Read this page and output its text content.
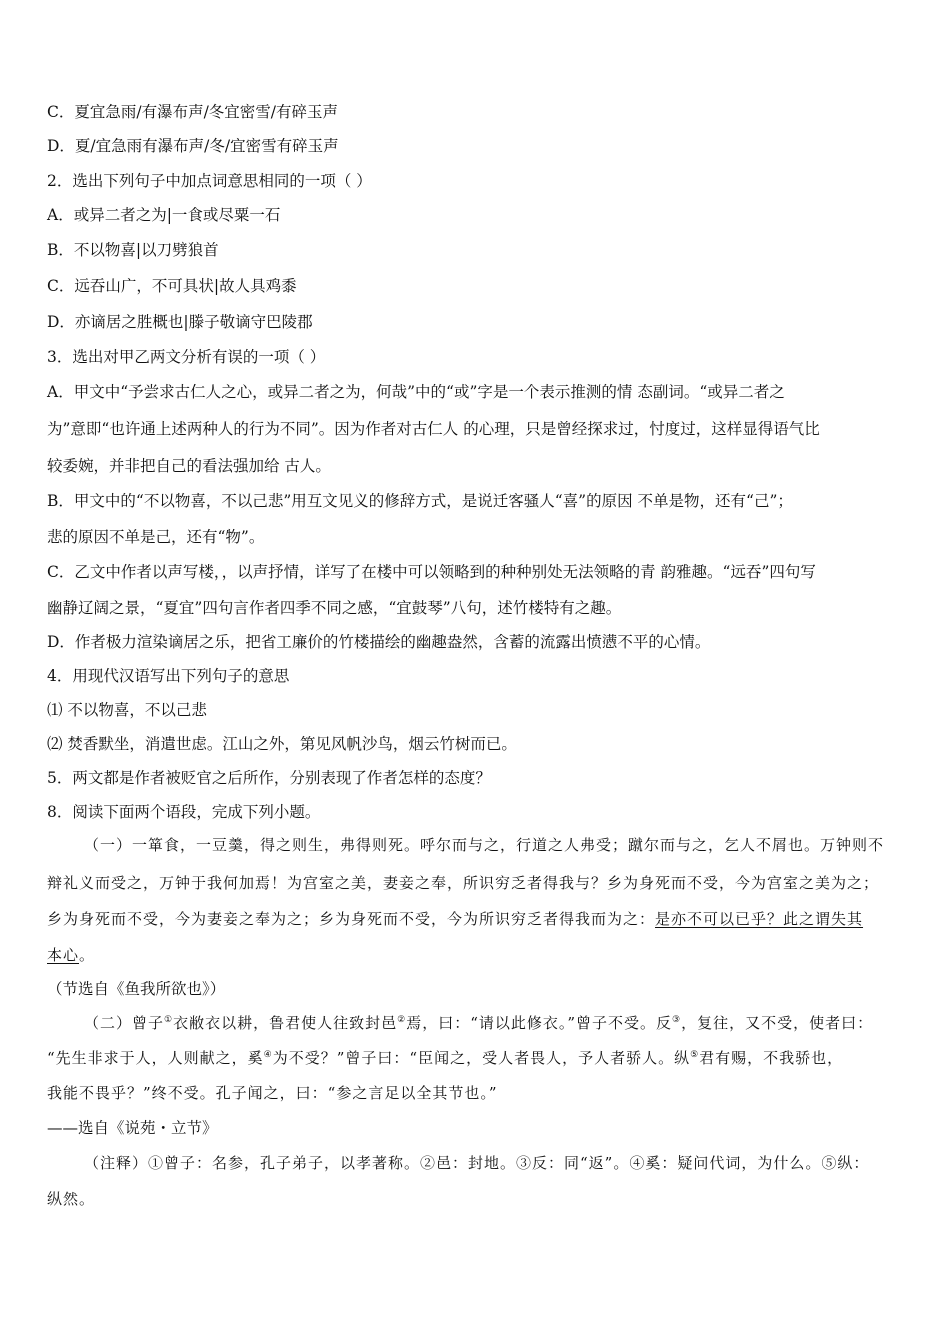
C．夏宜急雨/有瀑布声/冬宜密雪/有碎玉声
D．夏/宜急雨有瀑布声/冬/宜密雪有碎玉声
2．选出下列句子中加点词意思相同的一项（ ）
A．或异二者之为|一食或尽粟一石
B．不以物喜|以刀劈狼首
C．远吞山广，不可具状|故人具鸡黍
D．亦谪居之胜概也|滕子敬谪守巴陵郡
3．选出对甲乙两文分析有误的一项（ ）
A．甲文中“予尝求古仁人之心，或异二者之为，何哉”中的“或”字是一个表示推测的情 态副词。“或异二者之
为”意即“也许通上述两种人的行为不同”。因为作者对古仁人 的心理，只是曾经探求过，忖度过，这样显得语气比
较委婉，并非把自己的看法强加给 古人。
B．甲文中的“不以物喜，不以己悲”用互文见义的修辞方式，是说迁客骚人“喜”的原因 不单是物，还有“己”；
悲的原因不单是己，还有“物”。
C．乙文中作者以声写楼，，以声抒情，详写了在楼中可以领略到的种种别处无法领略的青 韵雅趣。“远吞”四句写
幽静辽阔之景，“夏宜”四句言作者四季不同之感，“宜鼓琴”八句，述竹楼特有之趣。
D．作者极力渲染谪居之乐，把省工廉价的竹楼描绘的幽趣盎然，含蓄的流露出愤懑不平的心情。
4．用现代汉语写出下列句子的意思
⑴ 不以物喜，不以己悲
⑵ 焚香默坐，消遣世虑。江山之外，第见风帆沙鸟，烟云竹树而已。
5．两文都是作者被贬官之后所作，分别表现了作者怎样的态度？
8．阅读下面两个语段，完成下列小题。
（一）一箪食，一豆羹，得之则生，弗得则死。呼尔而与之，行道之人弗受；蹴尔而与之，乞人不屑也。万钟则不
辩礼义而受之，万钟于我何加焉！为宫室之美，妻妾之奉，所识穷乏者得我与？乡为身死而不受，今为宫室之美为之；
乡为身死而不受，今为妻妾之奉为之；乡为身死而不受，今为所识穷乏者得我而为之：是亦不可以已乎？此之谓失其
本心。
（节选自《鱼我所欲也》）
（二）曾子①衣敝衣以耕，鲁君使人往致封邑②焉，曰：“请以此修衣。”曾子不受。反③，复往，又不受，使者曰：
“先生非求于人，人则献之，奚④为不受？”曾子曰：“臣闻之，受人者畏人，予人者骄人。纵⑤君有赐，不我骄也，
我能不畏乎？”终不受。孔子闻之，曰：“参之言足以全其节也。”
——选自《说苑・立节》
（注释）①曾子：名参，孔子弟子，以孝著称。②邑：封地。③反：同“返”。④奚：疑问代词，为什么。⑤纵：
纵然。
